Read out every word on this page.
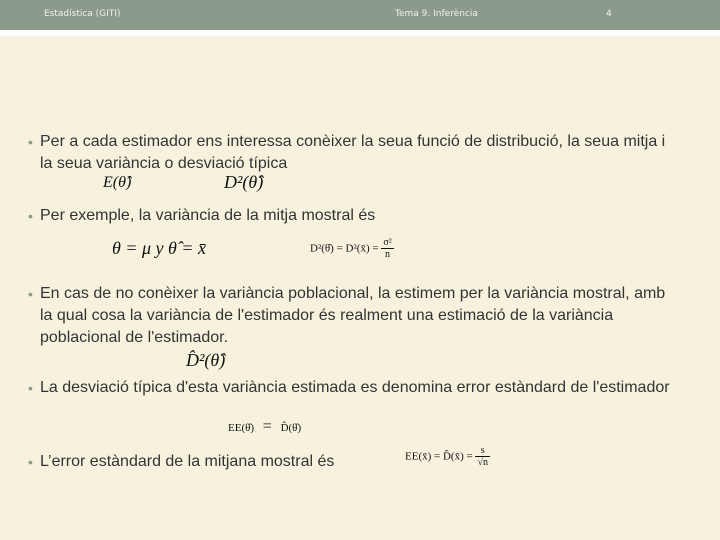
Estadística (GITI)	Tema 9. Inferència	4
• Per a cada estimador ens interessa conèixer la seua funció de distribució, la seua mitja i la seua variància o desviació típica
E(θ̂)	D²(θ̂)
• Per exemple, la variància de la mitja mostral és
θ = μ y θ̂ = x̄	D²(θ̂) = D²(x̄) = $\frac{\text{σ²}}{n}$
• En cas de no conèixer la variància poblacional, la estimem per la variància mostral, amb la qual cosa la variància de l'estimador és realment una estimació de la variància poblacional de l'estimador.
D̂²(θ̂)
• La desviació típica d'esta variància estimada es denomina error estàndard de l'estimador
EE(θ̂) = D̂(θ̂)
• L’error estàndard de la mitjana mostral és	EE(x̄) = D̂(x̄) = $\frac{s}{√n}$
